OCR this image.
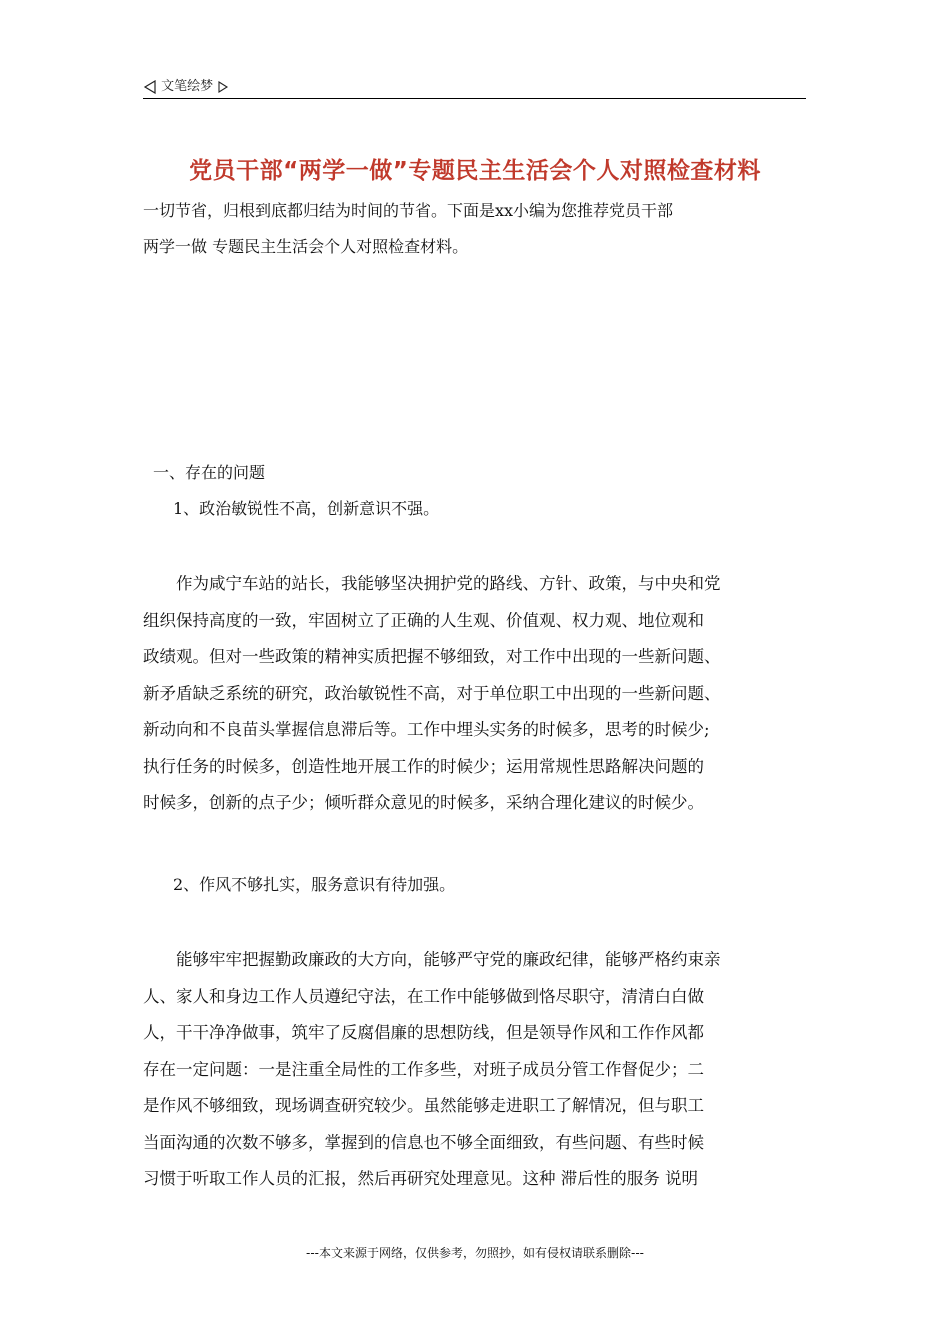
文笔绘梦
党员干部“两学一做”专题民主生活会个人对照检查材料
一切节省，归根到底都归结为时间的节省。下面是xx小编为您推荐党员干部
两学一做 专题民主生活会个人对照检查材料。
一、存在的问题
1、政治敏锐性不高，创新意识不强。
　　作为咸宁车站的站长，我能够坚决拥护党的路线、方针、政策，与中央和党
组织保持高度的一致，牢固树立了正确的人生观、价值观、权力观、地位观和
政绩观。但对一些政策的精神实质把握不够细致，对工作中出现的一些新问题、
新矛盾缺乏系统的研究，政治敏锐性不高，对于单位职工中出现的一些新问题、
新动向和不良苗头掌握信息滞后等。工作中埋头实务的时候多，思考的时候少;
执行任务的时候多，创造性地开展工作的时候少；运用常规性思路解决问题的
时候多，创新的点子少；倾听群众意见的时候多，采纳合理化建议的时候少。
2、作风不够扎实，服务意识有待加强。
　　能够牢牢把握勤政廉政的大方向，能够严守党的廉政纪律，能够严格约束亲
人、家人和身边工作人员遵纪守法，在工作中能够做到恪尽职守，清清白白做
人，干干净净做事，筑牢了反腐倡廉的思想防线，但是领导作风和工作作风都
存在一定问题：一是注重全局性的工作多些，对班子成员分管工作督促少；二
是作风不够细致，现场调查研究较少。虽然能够走进职工了解情况，但与职工
当面沟通的次数不够多，掌握到的信息也不够全面细致，有些问题、有些时候
习惯于听取工作人员的汇报，然后再研究处理意见。这种 滞后性的服务 说明
---本文来源于网络，仅供参考，勿照抄，如有侵权请联系删除---
